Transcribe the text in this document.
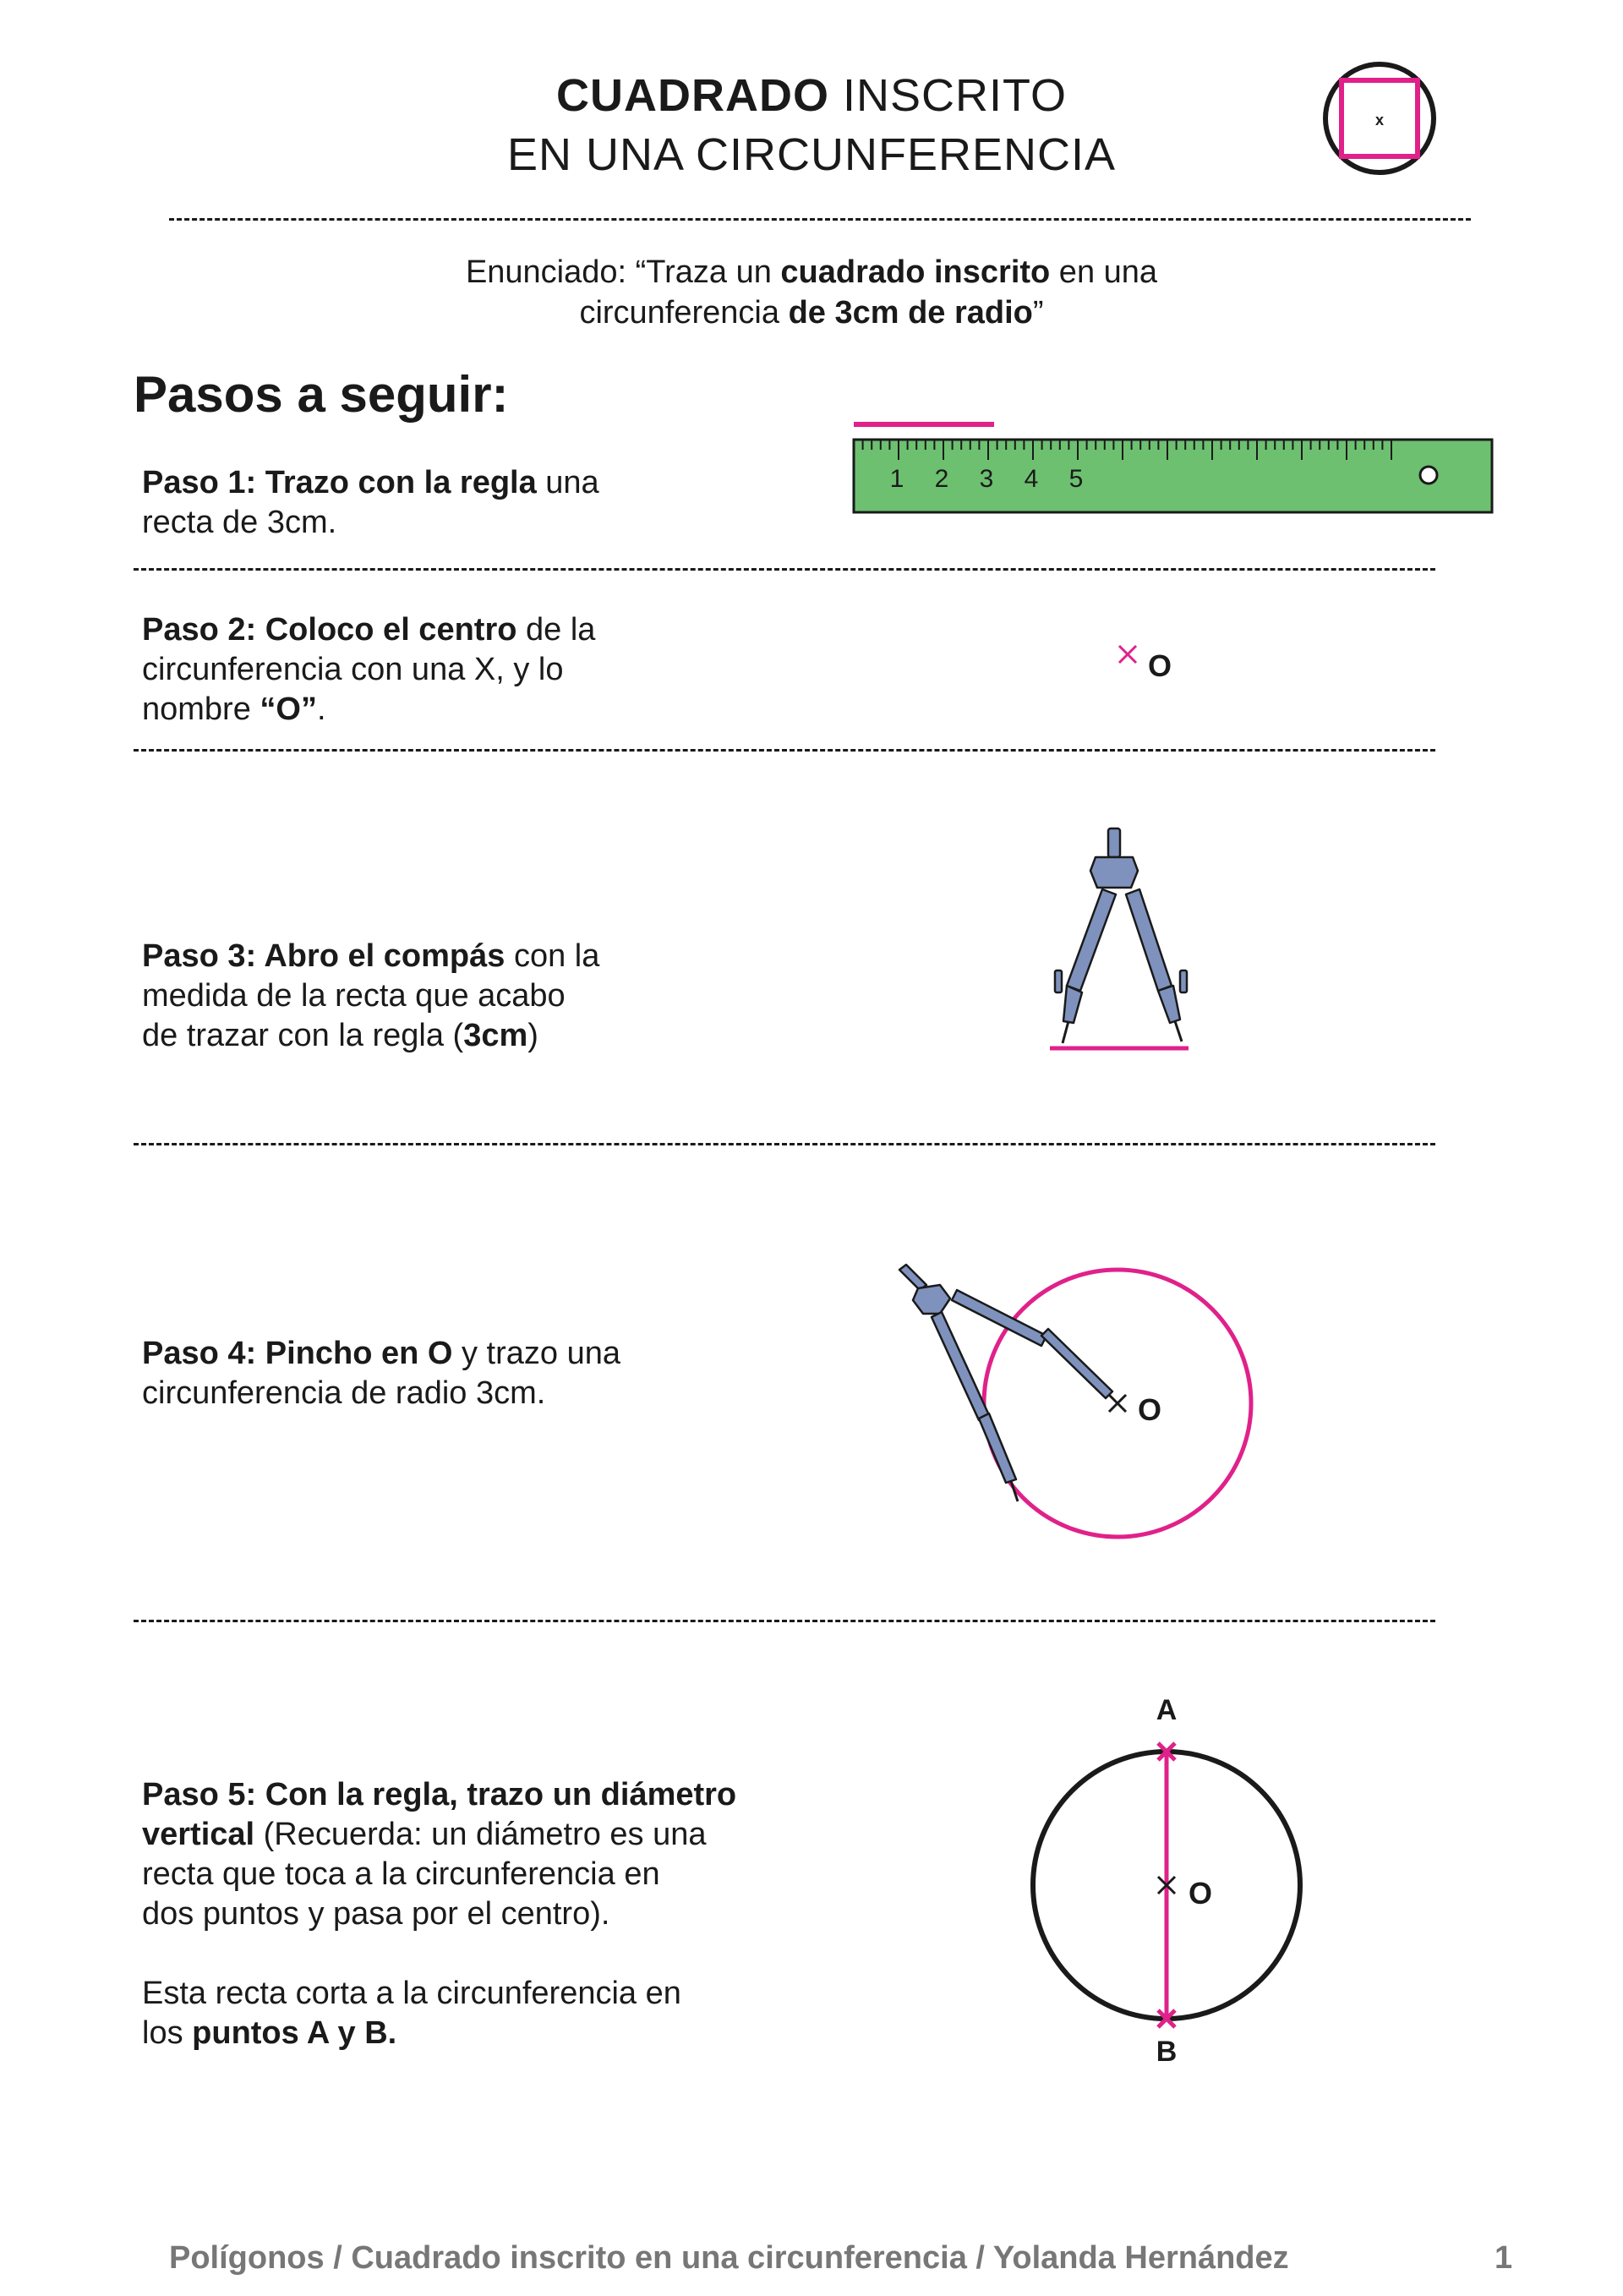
CUADRADO INSCRITO
EN UNA CIRCUNFERENCIA
x
Enunciado: “Traza un cuadrado inscrito en una
circunferencia de 3cm de radio”
Pasos a seguir:
Paso 1: Trazo con la regla una
recta de 3cm.
1 2 3 4 5
Paso 2: Coloco el centro de la
circunferencia con una X, y lo
nombre “O”.
O
Paso 3: Abro el compás con la
medida de la recta que acabo
de trazar con la regla (3cm)
Paso 4: Pincho en O y trazo una
circunferencia de radio 3cm.	O
Paso 5: Con la regla, trazo un diámetro
vertical (Recuerda: un diámetro es una
recta que toca a la circunferencia en
dos puntos y pasa por el centro).
Esta recta corta a la circunferencia en
los puntos A y B.
A
O
B
Polígonos / Cuadrado inscrito en una circunferencia / Yolanda Hernández	1
